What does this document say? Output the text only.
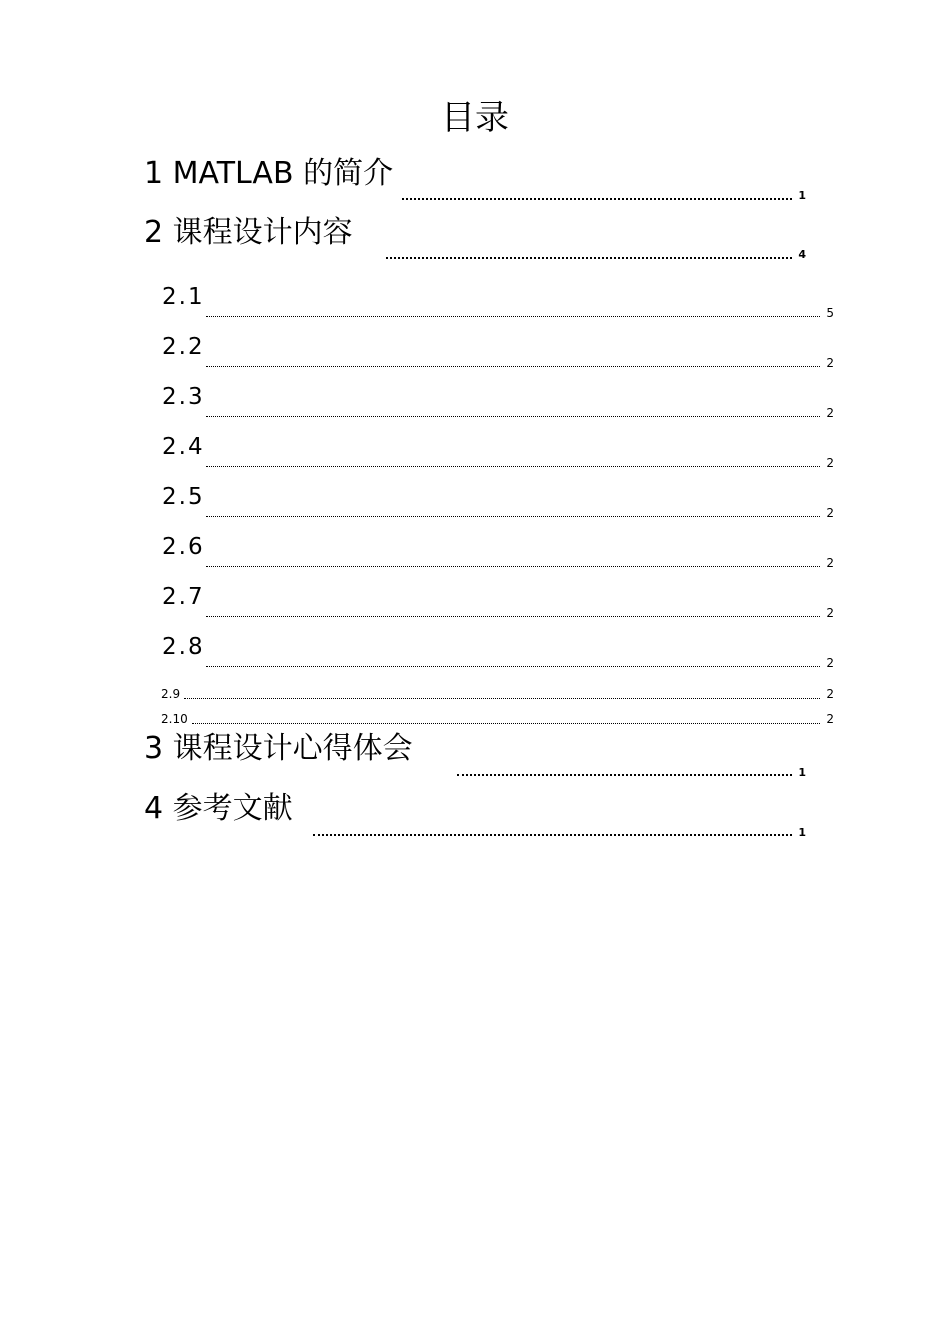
目录
1 MATLAB 的简介
1
2 课程设计内容
4
2.1
5
2.2
2
2.3
2
2.4
2
2.5
2
2.6
2
2.7
2
2.8
2
2.9	2
2.10	2
3 课程设计心得体会
1
4 参考文献
1
